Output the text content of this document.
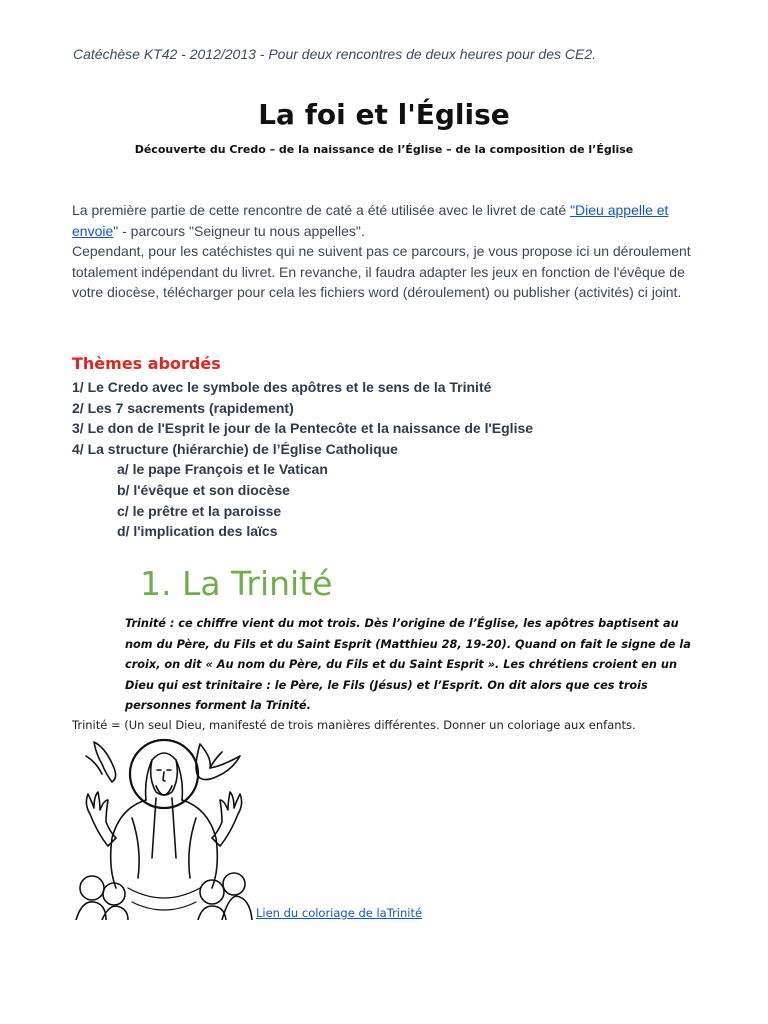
Catéchèse KT42 - 2012/2013 - Pour deux rencontres de deux heures pour des CE2.
La foi et l'Église
Découverte du Credo – de la naissance de l’Église – de la composition de l’Église

La première partie de cette rencontre de caté a été utilisée avec le livret de caté "Dieu appelle et envoie" - parcours "Seigneur tu nous appelles".
Cependant, pour les catéchistes qui ne suivent pas ce parcours, je vous propose ici un déroulement totalement indépendant du livret. En revanche, il faudra adapter les jeux en fonction de l'évêque de votre diocèse, télécharger pour cela les fichiers word (déroulement) ou publisher (activités) ci joint.

Thèmes abordés
1/ Le Credo avec le symbole des apôtres et le sens de la Trinité
2/ Les 7 sacrements (rapidement)
3/ Le don de l'Esprit le jour de la Pentecôte et la naissance de l'Eglise
4/ La structure (hiérarchie) de l’Église Catholique
a/ le pape François et le Vatican
b/ l'évêque et son diocèse
c/ le prêtre et la paroisse
d/ l'implication des laïcs
1. La Trinité

Trinité : ce chiffre vient du mot trois. Dès l’origine de l’Église, les apôtres baptisent au nom du Père, du Fils et du Saint Esprit (Matthieu 28, 19-20). Quand on fait le signe de la croix, on dit « Au nom du Père, du Fils et du Saint Esprit ». Les chrétiens croient en un Dieu qui est trinitaire : le Père, le Fils (Jésus) et l’Esprit. On dit alors que ces trois personnes forment la Trinité.

Trinité = (Un seul Dieu, manifesté de trois manières différentes. Donner un coloriage aux enfants.
Lien du coloriage de laTrinité
